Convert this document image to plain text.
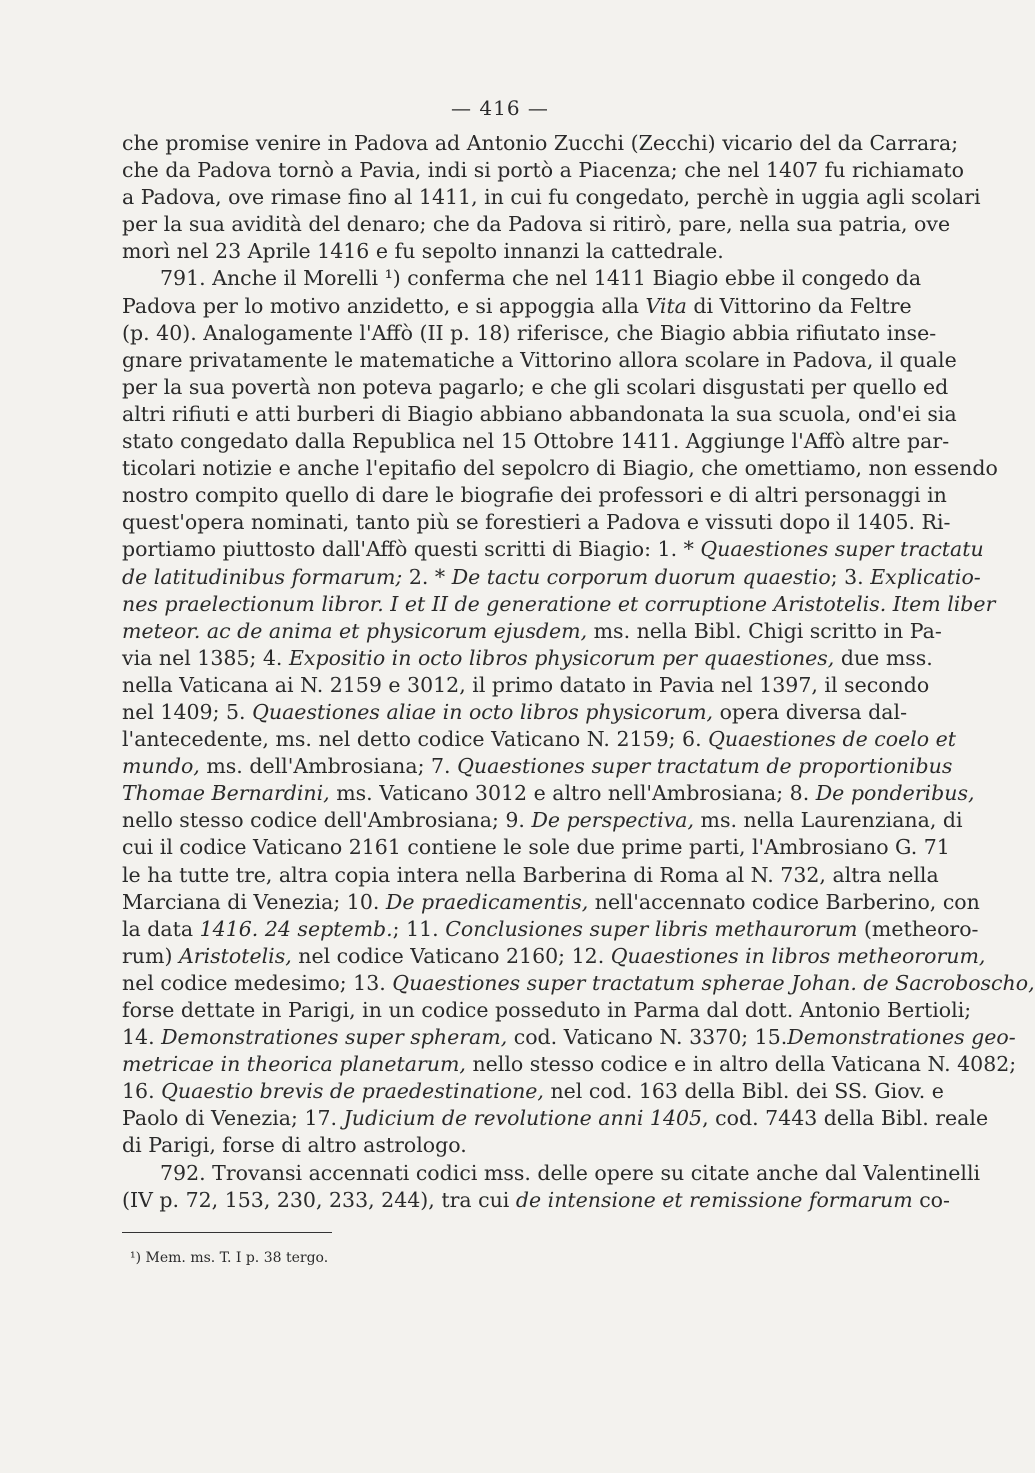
— 416 —
che promise venire in Padova ad Antonio Zucchi (Zecchi) vicario del da Carrara;
che da Padova tornò a Pavia, indi si portò a Piacenza; che nel 1407 fu richiamato
a Padova, ove rimase fino al 1411, in cui fu congedato, perchè in uggia agli scolari
per la sua avidità del denaro; che da Padova si ritirò, pare, nella sua patria, ove
morì nel 23 Aprile 1416 e fu sepolto innanzi la cattedrale.
791. Anche il Morelli ¹) conferma che nel 1411 Biagio ebbe il congedo da
Padova per lo motivo anzidetto, e si appoggia alla Vita di Vittorino da Feltre
(p. 40). Analogamente l'Affò (II p. 18) riferisce, che Biagio abbia rifiutato inse-
gnare privatamente le matematiche a Vittorino allora scolare in Padova, il quale
per la sua povertà non poteva pagarlo; e che gli scolari disgustati per quello ed
altri rifiuti e atti burberi di Biagio abbiano abbandonata la sua scuola, ond'ei sia
stato congedato dalla Republica nel 15 Ottobre 1411. Aggiunge l'Affò altre par-
ticolari notizie e anche l'epitafio del sepolcro di Biagio, che omettiamo, non essendo
nostro compito quello di dare le biografie dei professori e di altri personaggi in
quest'opera nominati, tanto più se forestieri a Padova e vissuti dopo il 1405. Ri-
portiamo piuttosto dall'Affò questi scritti di Biagio: 1. * Quaestiones super tractatu
de latitudinibus formarum; 2. * De tactu corporum duorum quaestio; 3. Explicatio-
nes praelectionum libror. I et II de generatione et corruptione Aristotelis. Item liber
meteor. ac de anima et physicorum ejusdem, ms. nella Bibl. Chigi scritto in Pa-
via nel 1385; 4. Expositio in octo libros physicorum per quaestiones, due mss.
nella Vaticana ai N. 2159 e 3012, il primo datato in Pavia nel 1397, il secondo
nel 1409; 5. Quaestiones aliae in octo libros physicorum, opera diversa dal-
l'antecedente, ms. nel detto codice Vaticano N. 2159; 6. Quaestiones de coelo et
mundo, ms. dell'Ambrosiana; 7. Quaestiones super tractatum de proportionibus
Thomae Bernardini, ms. Vaticano 3012 e altro nell'Ambrosiana; 8. De ponderibus,
nello stesso codice dell'Ambrosiana; 9. De perspectiva, ms. nella Laurenziana, di
cui il codice Vaticano 2161 contiene le sole due prime parti, l'Ambrosiano G. 71
le ha tutte tre, altra copia intera nella Barberina di Roma al N. 732, altra nella
Marciana di Venezia; 10. De praedicamentis, nell'accennato codice Barberino, con
la data 1416. 24 septemb.; 11. Conclusiones super libris methaurorum (metheoro-
rum) Aristotelis, nel codice Vaticano 2160; 12. Quaestiones in libros metheororum,
nel codice medesimo; 13. Quaestiones super tractatum spherae Johan. de Sacroboscho,
forse dettate in Parigi, in un codice posseduto in Parma dal dott. Antonio Bertioli;
14. Demonstrationes super spheram, cod. Vaticano N. 3370; 15.Demonstrationes geo-
metricae in theorica planetarum, nello stesso codice e in altro della Vaticana N. 4082;
16. Quaestio brevis de praedestinatione, nel cod. 163 della Bibl. dei SS. Giov. e
Paolo di Venezia; 17. Judicium de revolutione anni 1405, cod. 7443 della Bibl. reale
di Parigi, forse di altro astrologo.
792. Trovansi accennati codici mss. delle opere su citate anche dal Valentinelli
(IV p. 72, 153, 230, 233, 244), tra cui de intensione et remissione formarum co-
¹) Mem. ms. T. I p. 38 tergo.
